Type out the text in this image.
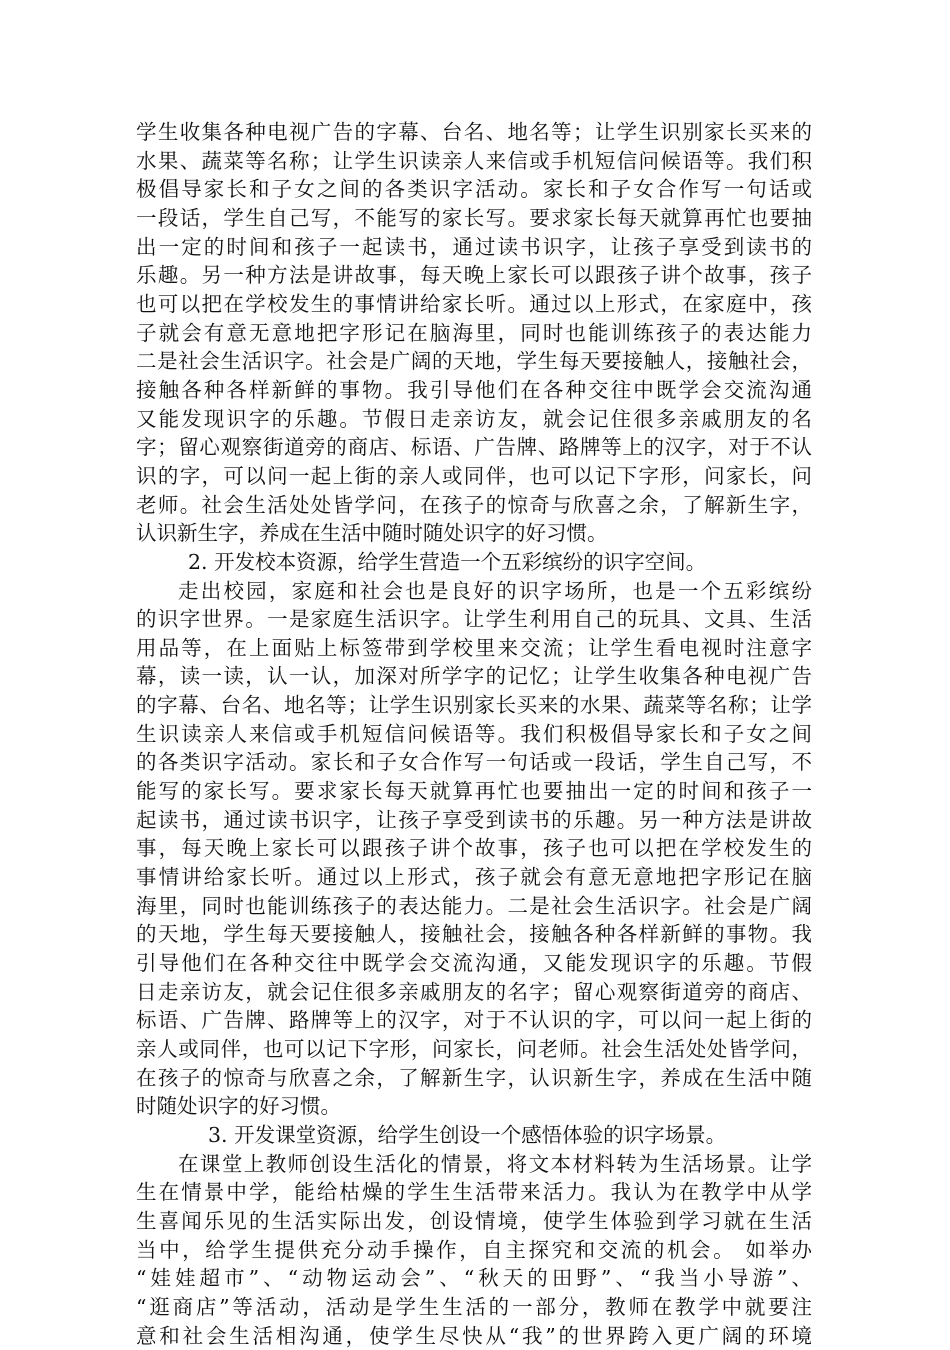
学生收集各种电视广告的字幕、台名、地名等；让学生识别家长买来的
水果、蔬菜等名称；让学生识读亲人来信或手机短信问候语等。我们积
极倡导家长和子女之间的各类识字活动。家长和子女合作写一句话或
一段话，学生自己写，不能写的家长写。要求家长每天就算再忙也要抽
出一定的时间和孩子一起读书，通过读书识字，让孩子享受到读书的
乐趣。另一种方法是讲故事，每天晚上家长可以跟孩子讲个故事，孩子
也可以把在学校发生的事情讲给家长听。通过以上形式，在家庭中，孩
子就会有意无意地把字形记在脑海里，同时也能训练孩子的表达能力
二是社会生活识字。社会是广阔的天地，学生每天要接触人，接触社会，
接触各种各样新鲜的事物。我引导他们在各种交往中既学会交流沟通
又能发现识字的乐趣。节假日走亲访友，就会记住很多亲戚朋友的名
字；留心观察街道旁的商店、标语、广告牌、路牌等上的汉字，对于不认
识的字，可以问一起上街的亲人或同伴，也可以记下字形，问家长，问
老师。社会生活处处皆学问，在孩子的惊奇与欣喜之余，了解新生字，
认识新生字，养成在生活中随时随处识字的好习惯。
2. 开发校本资源，给学生营造一个五彩缤纷的识字空间。
走出校园，家庭和社会也是良好的识字场所，也是一个五彩缤纷
的识字世界。一是家庭生活识字。让学生利用自己的玩具、文具、生活
用品等，在上面贴上标签带到学校里来交流；让学生看电视时注意字
幕，读一读，认一认，加深对所学字的记忆；让学生收集各种电视广告
的字幕、台名、地名等；让学生识别家长买来的水果、蔬菜等名称；让学
生识读亲人来信或手机短信问候语等。我们积极倡导家长和子女之间
的各类识字活动。家长和子女合作写一句话或一段话，学生自己写，不
能写的家长写。要求家长每天就算再忙也要抽出一定的时间和孩子一
起读书，通过读书识字，让孩子享受到读书的乐趣。另一种方法是讲故
事，每天晚上家长可以跟孩子讲个故事，孩子也可以把在学校发生的
事情讲给家长听。通过以上形式，孩子就会有意无意地把字形记在脑
海里，同时也能训练孩子的表达能力。二是社会生活识字。社会是广阔
的天地，学生每天要接触人，接触社会，接触各种各样新鲜的事物。我
引导他们在各种交往中既学会交流沟通，又能发现识字的乐趣。节假
日走亲访友，就会记住很多亲戚朋友的名字；留心观察街道旁的商店、
标语、广告牌、路牌等上的汉字，对于不认识的字，可以问一起上街的
亲人或同伴，也可以记下字形，问家长，问老师。社会生活处处皆学问，
在孩子的惊奇与欣喜之余，了解新生字，认识新生字，养成在生活中随
时随处识字的好习惯。
3. 开发课堂资源，给学生创设一个感悟体验的识字场景。
在课堂上教师创设生活化的情景，将文本材料转为生活场景。让学
生在情景中学，能给枯燥的学生生活带来活力。我认为在教学中从学
生喜闻乐见的生活实际出发，创设情境，使学生体验到学习就在生活
当中，给学生提供充分动手操作，自主探究和交流的机会。 如举办
“娃娃超市”、“动物运动会”、“秋天的田野”、“我当小导游”、
“逛商店”等活动，活动是学生生活的一部分，教师在教学中就要注
意和社会生活相沟通，使学生尽快从“我”的世界跨入更广阔的环境
